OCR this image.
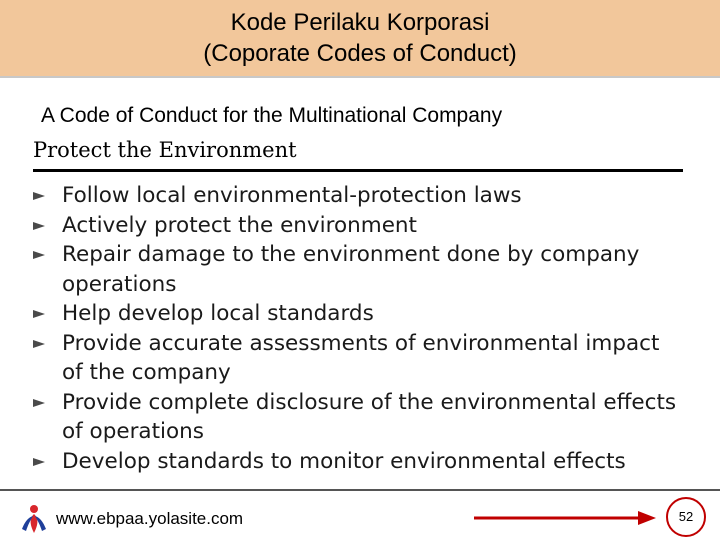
Kode Perilaku Korporasi
(Coporate Codes of Conduct)
A Code of Conduct for the Multinational Company
Protect the Environment
Follow local environmental-protection laws
Actively protect the environment
Repair damage to the environment done by company operations
Help develop local standards
Provide accurate assessments of environmental impact of the company
Provide complete disclosure of the environmental effects of operations
Develop standards to monitor environmental effects
www.ebpaa.yolasite.com	52
